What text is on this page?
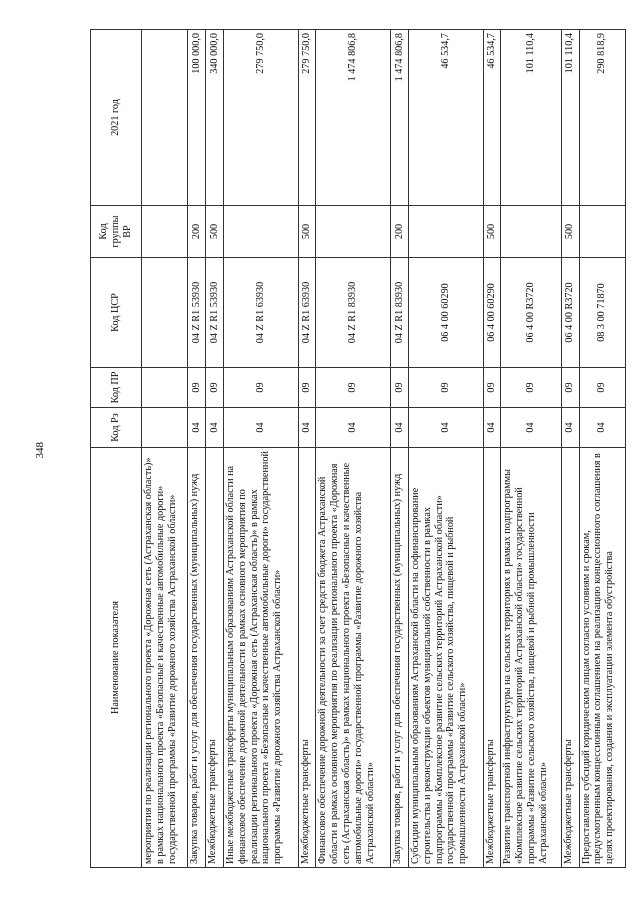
348
Наименование показателя	Код Рз	Код ПР	Код ЦСР	Код группы ВР	2021 год
мероприятия по реализации регионального проекта «Дорожная сеть (Астраханская область)» в рамках национального проекта «Безопасные и качественные автомобильные дороги» государственной программы «Развитие дорожного хозяйства Астраханской области»					
Закупка товаров, работ и услуг для обеспечения государственных (муниципальных) нужд	04	09	04 Z R1 53930	200	100 000,0
Межбюджетные трансферты	04	09	04 Z R1 53930	500	340 000,0
Иные межбюджетные трансферты муниципальным образованиям Астраханской области на финансовое обеспечение дорожной деятельности в рамках основного мероприятия по реализации регионального проекта «Дорожная сеть (Астраханская область)» в рамках национального проекта «Безопасные и качественные автомобильные дороги» государственной программы «Развитие дорожного хозяйства Астраханской области»	04	09	04 Z R1 63930		279 750,0
Межбюджетные трансферты	04	09	04 Z R1 63930	500	279 750,0
Финансовое обеспечение дорожной деятельности за счет средств бюджета Астраханской области в рамках основного мероприятия по реализации регионального проекта «Дорожная сеть (Астраханская область)» в рамках национального проекта «Безопасные и качественные автомобильные дороги» государственной программы «Развитие дорожного хозяйства Астраханской области»	04	09	04 Z R1 83930		1 474 806,8
Закупка товаров, работ и услуг для обеспечения государственных (муниципальных) нужд	04	09	04 Z R1 83930	200	1 474 806,8
Субсидии муниципальным образованиям Астраханской области на софинансирование строительства и реконструкции объектов муниципальной собственности в рамках подпрограммы «Комплексное развитие сельских территорий Астраханской области» государственной программы «Развитие сельского хозяйства, пищевой и рыбной промышленности Астраханской области»	04	09	06 4 00 60290		46 534,7
Межбюджетные трансферты	04	09	06 4 00 60290	500	46 534,7
Развитие транспортной инфраструктуры на сельских территориях в рамках подпрограммы «Комплексное развитие сельских территорий Астраханской области» государственной программы «Развитие сельского хозяйства, пищевой и рыбной промышленности Астраханской области»	04	09	06 4 00 R3720		101 110,4
Межбюджетные трансферты	04	09	06 4 00 R3720	500	101 110,4
Предоставление субсидий юридическим лицам согласно условиям и срокам, предусмотренным концессионным соглашением на реализацию концессионного соглашения в целях проектирования, создания и эксплуатации элемента обустройства	04	09	08 3 00 71870		290 818,9
